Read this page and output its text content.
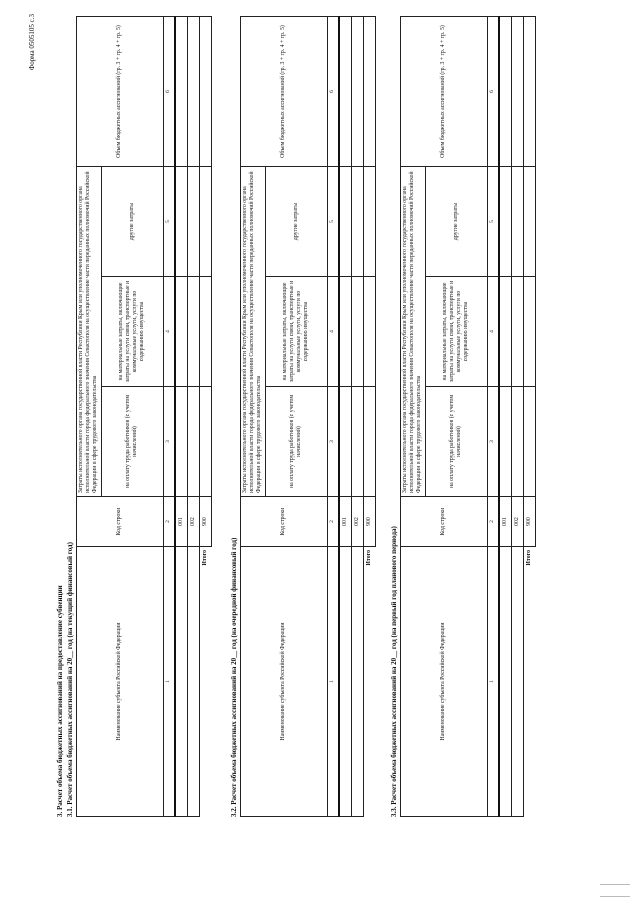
Форма 0505105 с.3
3. Расчет объема бюджетных ассигнований на предоставление субвенции 3.1. Расчет объема бюджетных ассигнований на 20__ год (на текущий финансовый год)	Наименование субъекта Российской Федерации	Код строки	Затраты исполнительного органа государственной власти Республики Крым или уполномоченного государственного органа исполнительной власти города федерального значения Севастополя на осуществление части переданных полномочий Российской Федерации в сфере трудового законодательства			Объем бюджетных ассигнований (гр. 3 + гр. 4 + гр. 5)
		на оплату труда работников (с учетом начислений)	на материальные затраты, включающие затраты на услуги связи, транспортные и коммунальные услуги, услуги по содержанию имущества	другие затраты	
1	2	3	4	5	6
	001				
	002				
Итого	900				
3.2. Расчет объема бюджетных ассигнований на 20__ год (на очередной финансовый год)	Наименование субъекта Российской Федерации	Код строки	Затраты исполнительного органа государственной власти Республики Крым или уполномоченного государственного органа исполнительной власти города федерального значения Севастополя на осуществление части переданных полномочий Российской Федерации в сфере трудового законодательства			Объем бюджетных ассигнований (гр. 3 + гр. 4 + гр. 5)
		на оплату труда работников (с учетом начислений)	на материальные затраты, включающие затраты на услуги связи, транспортные и коммунальные услуги, услуги по содержанию имущества	другие затраты	
1	2	3	4	5	6
	001				
	002				
Итого	900				
3.3. Расчет объема бюджетных ассигнований на 20__ год (на первый год планового периода)	Наименование субъекта Российской Федерации	Код строки	Затраты исполнительного органа государственной власти Республики Крым или уполномоченного государственного органа исполнительной власти города федерального значения Севастополя на осуществление части переданных полномочий Российской Федерации в сфере трудового законодательства			Объем бюджетных ассигнований (гр. 3 + гр. 4 + гр. 5)
		на оплату труда работников (с учетом начислений)	на материальные затраты, включающие затраты на услуги связи, транспортные и коммунальные услуги, услуги по содержанию имущества	другие затраты	
1	2	3	4	5	6
	001				
	002				
Итого	900				
